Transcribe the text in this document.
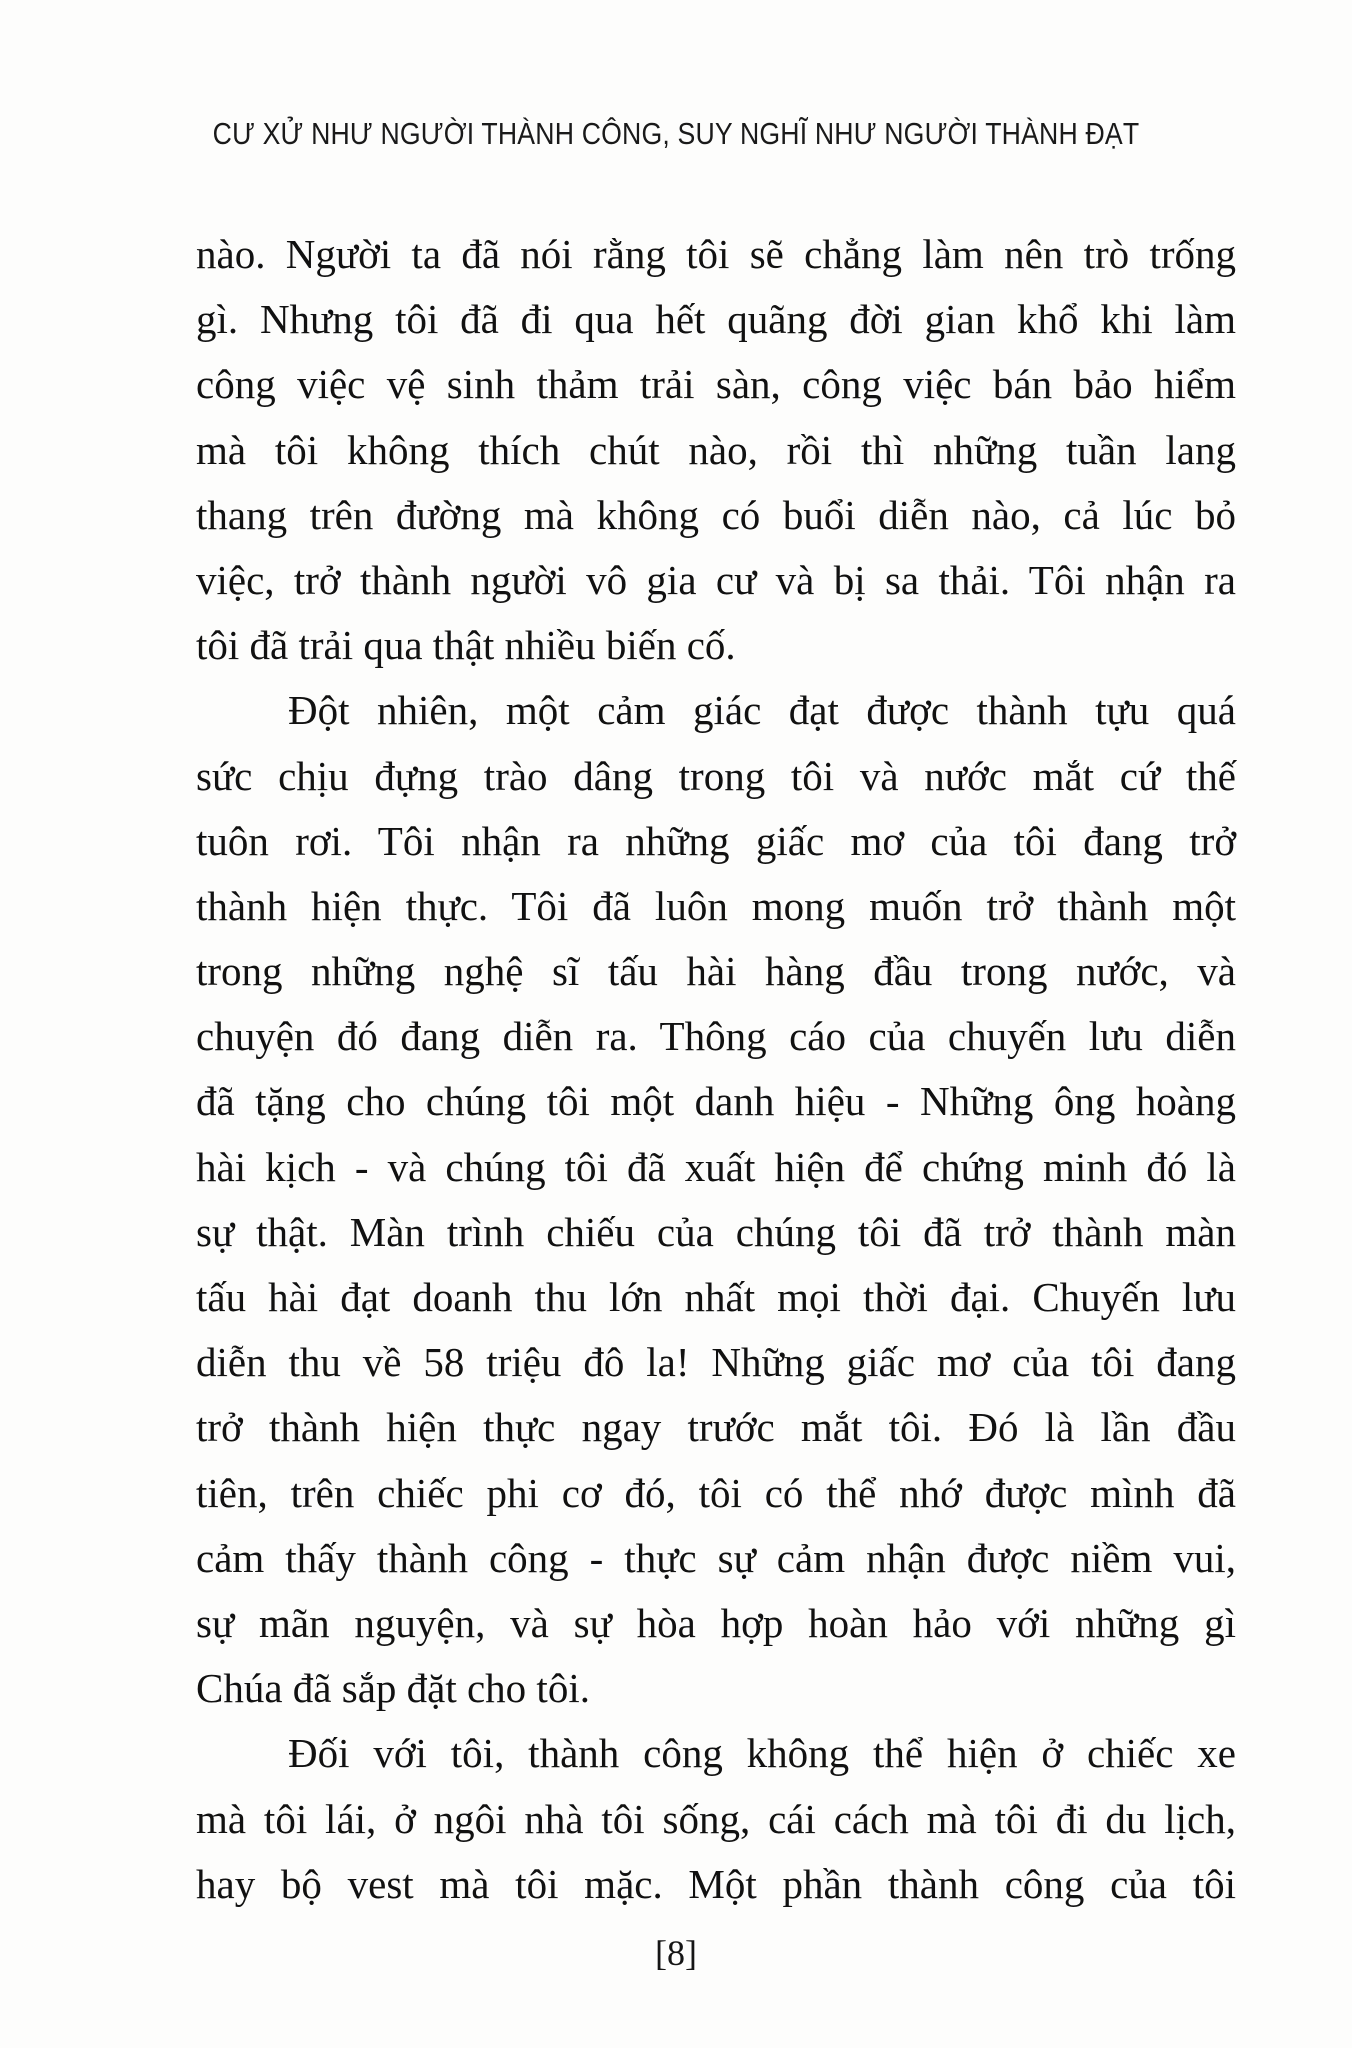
CƯ XỬ NHƯ NGƯỜI THÀNH CÔNG, SUY NGHĨ NHƯ NGƯỜI THÀNH ĐẠT
nào. Người ta đã nói rằng tôi sẽ chẳng làm nên trò trống
gì. Nhưng tôi đã đi qua hết quãng đời gian khổ khi làm
công việc vệ sinh thảm trải sàn, công việc bán bảo hiểm
mà tôi không thích chút nào, rồi thì những tuần lang
thang trên đường mà không có buổi diễn nào, cả lúc bỏ
việc, trở thành người vô gia cư và bị sa thải. Tôi nhận ra
tôi đã trải qua thật nhiều biến cố.
Đột nhiên, một cảm giác đạt được thành tựu quá
sức chịu đựng trào dâng trong tôi và nước mắt cứ thế
tuôn rơi. Tôi nhận ra những giấc mơ của tôi đang trở
thành hiện thực. Tôi đã luôn mong muốn trở thành một
trong những nghệ sĩ tấu hài hàng đầu trong nước, và
chuyện đó đang diễn ra. Thông cáo của chuyến lưu diễn
đã tặng cho chúng tôi một danh hiệu - Những ông hoàng
hài kịch - và chúng tôi đã xuất hiện để chứng minh đó là
sự thật. Màn trình chiếu của chúng tôi đã trở thành màn
tấu hài đạt doanh thu lớn nhất mọi thời đại. Chuyến lưu
diễn thu về 58 triệu đô la! Những giấc mơ của tôi đang
trở thành hiện thực ngay trước mắt tôi. Đó là lần đầu
tiên, trên chiếc phi cơ đó, tôi có thể nhớ được mình đã
cảm thấy thành công - thực sự cảm nhận được niềm vui,
sự mãn nguyện, và sự hòa hợp hoàn hảo với những gì
Chúa đã sắp đặt cho tôi.
Đối với tôi, thành công không thể hiện ở chiếc xe
mà tôi lái, ở ngôi nhà tôi sống, cái cách mà tôi đi du lịch,
hay bộ vest mà tôi mặc. Một phần thành công của tôi
[8]
